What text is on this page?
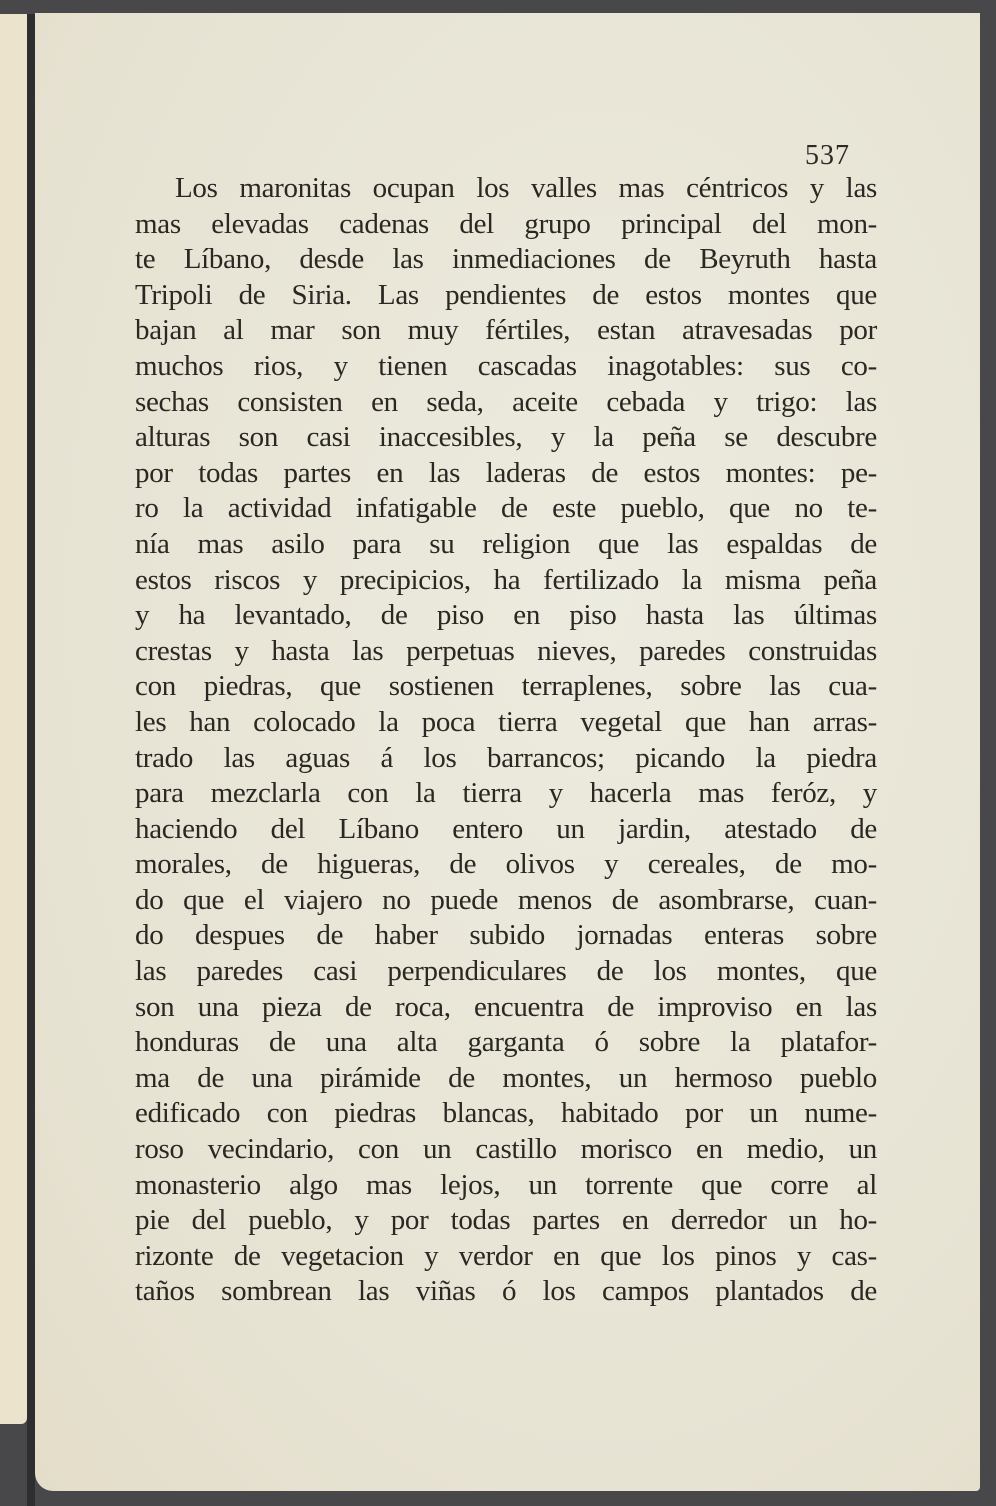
537
Los maronitas ocupan los valles mas céntricos y las
mas elevadas cadenas del grupo principal del mon-
te Líbano, desde las inmediaciones de Beyruth hasta
Tripoli de Siria. Las pendientes de estos montes que
bajan al mar son muy fértiles, estan atravesadas por
muchos rios, y tienen cascadas inagotables: sus co-
sechas consisten en seda, aceite cebada y trigo: las
alturas son casi inaccesibles, y la peña se descubre
por todas partes en las laderas de estos montes: pe-
ro la actividad infatigable de este pueblo, que no te-
nía mas asilo para su religion que las espaldas de
estos riscos y precipicios, ha fertilizado la misma peña
y ha levantado, de piso en piso hasta las últimas
crestas y hasta las perpetuas nieves, paredes construidas
con piedras, que sostienen terraplenes, sobre las cua-
les han colocado la poca tierra vegetal que han arras-
trado las aguas á los barrancos; picando la piedra
para mezclarla con la tierra y hacerla mas feróz, y
haciendo del Líbano entero un jardin, atestado de
morales, de higueras, de olivos y cereales, de mo-
do que el viajero no puede menos de asombrarse, cuan-
do despues de haber subido jornadas enteras sobre
las paredes casi perpendiculares de los montes, que
son una pieza de roca, encuentra de improviso en las
honduras de una alta garganta ó sobre la platafor-
ma de una pirámide de montes, un hermoso pueblo
edificado con piedras blancas, habitado por un nume-
roso vecindario, con un castillo morisco en medio, un
monasterio algo mas lejos, un torrente que corre al
pie del pueblo, y por todas partes en derredor un ho-
rizonte de vegetacion y verdor en que los pinos y cas-
taños sombrean las viñas ó los campos plantados de
